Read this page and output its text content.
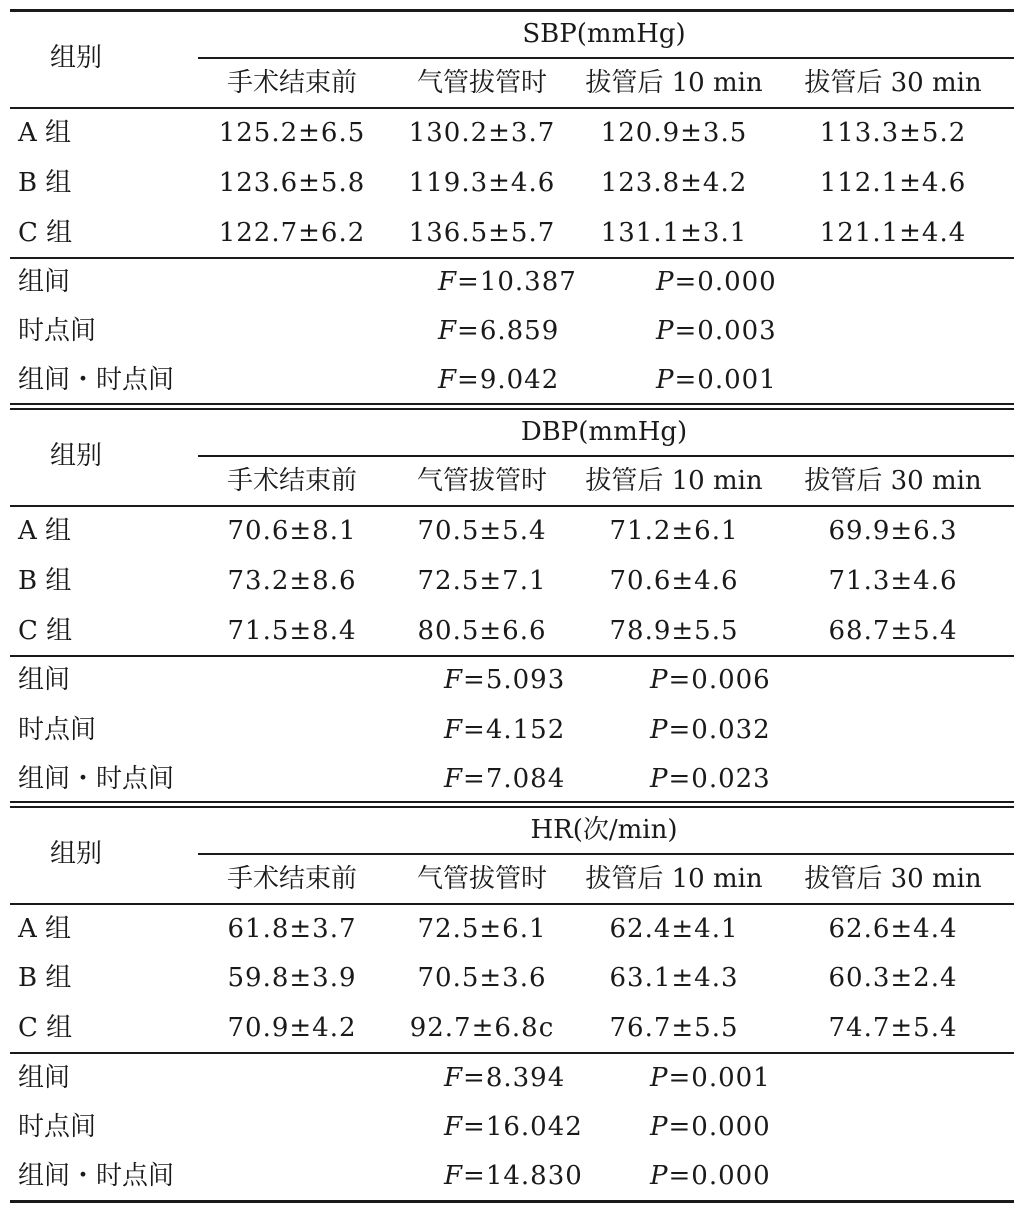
SBP(mmHg)
组别
手术结束前 气管拔管时 拔管后 10 min 拔管后 30 min
A 组	125.2±6.5 130.2±3.7 120.9±3.5	113.3±5.2
B 组	123.6±5.8 119.3±4.6 123.8±4.2	112.1±4.6
C 组	122.7±6.2 136.5±5.7 131.1±3.1	121.1±4.4
组间	F=10.387	P=0.000
时点间	F=6.859	P=0.003
组间・时点间	F=9.042	P=0.001
DBP(mmHg)
组别
手术结束前 气管拔管时 拔管后 10 min 拔管后 30 min
A 组	70.6±8.1 70.5±5.4 71.2±6.1	69.9±6.3
B 组	73.2±8.6 72.5±7.1 70.6±4.6	71.3±4.6
C 组	71.5±8.4 80.5±6.6 78.9±5.5	68.7±5.4
组间	F=5.093	P=0.006
时点间	F=4.152	P=0.032
组间・时点间	F=7.084	P=0.023
HR(次/min)
组别
手术结束前 气管拔管时 拔管后 10 min 拔管后 30 min
A 组	61.8±3.7 72.5±6.1 62.4±4.1	62.6±4.4
B 组	59.8±3.9 70.5±3.6 63.1±4.3	60.3±2.4
C 组	70.9±4.2 92.7±6.8c 76.7±5.5	74.7±5.4
组间	F=8.394	P=0.001
时点间	F=16.042	P=0.000
组间・时点间	F=14.830	P=0.000
